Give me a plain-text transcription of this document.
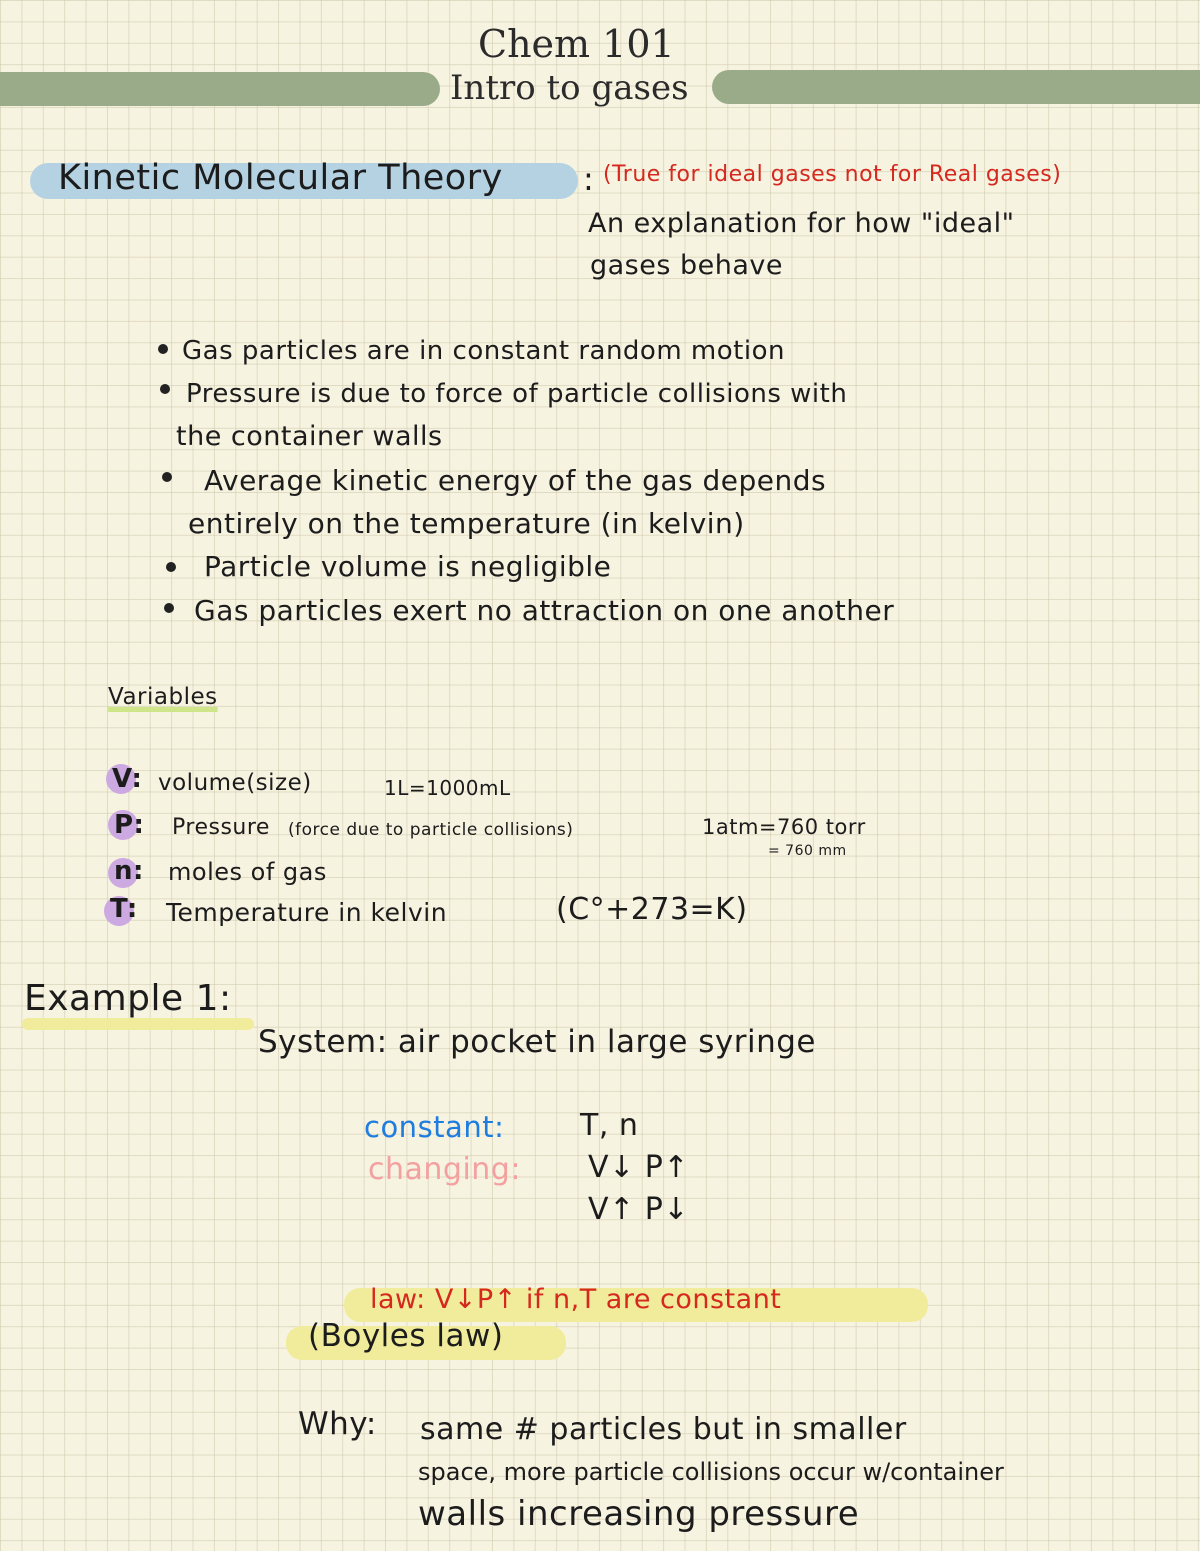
Chem 101
Intro to gases
Kinetic Molecular Theory	: (True for ideal gases not for Real gases)
An explanation for how "ideal"
gases behave
Gas particles are in constant random motion
Pressure is due to force of particle collisions with
the container walls
Average kinetic energy of the gas depends
entirely on the temperature (in kelvin)
Particle volume is negligible
Gas particles exert no attraction on one another
Variables
V: volume(size)	1L=1000mL
P: Pressure (force due to particle collisions)	1atm=760 torr
= 760 mm
n: moles of gas
T: Temperature in kelvin	(C°+273=K)
Example 1:
System: air pocket in large syringe
constant:	T, n
changing: V↓ P↑
V↑ P↓
law: V↓P↑ if n,T are constant
(Boyles law)
Why: same # particles but in smaller
space, more particle collisions occur w/container
walls increasing pressure
